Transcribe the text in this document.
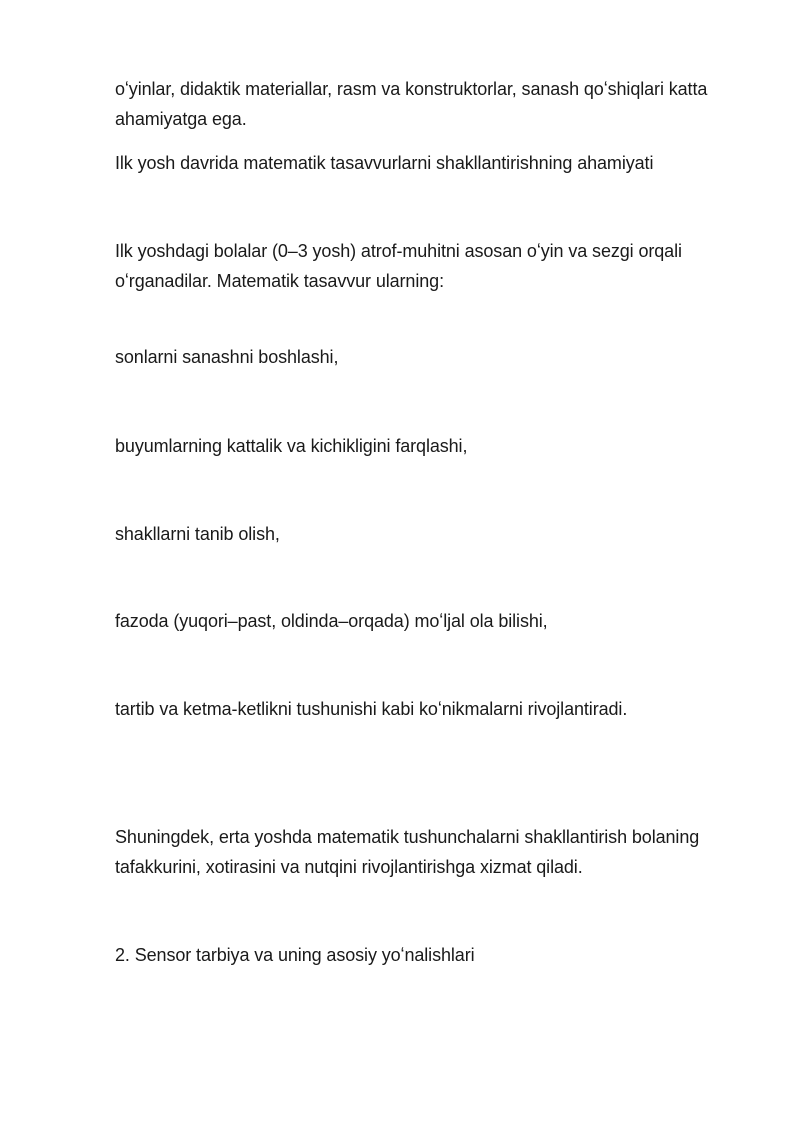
oʻyinlar, didaktik materiallar, rasm va konstruktorlar, sanash qoʻshiqlari katta ahamiyatga ega.

Ilk yosh davrida matematik tasavvurlarni shakllantirishning ahamiyati

Ilk yoshdagi bolalar (0–3 yosh) atrof-muhitni asosan oʻyin va sezgi orqali oʻrganadilar. Matematik tasavvur ularning:

sonlarni sanashni boshlashi,

buyumlarning kattalik va kichikligini farqlashi,

shakllarni tanib olish,

fazoda (yuqori–past, oldinda–orqada) moʻljal ola bilishi,

tartib va ketma-ketlikni tushunishi kabi koʻnikmalarni rivojlantiradi.

Shuningdek, erta yoshda matematik tushunchalarni shakllantirish bolaning tafakkurini, xotirasini va nutqini rivojlantirishga xizmat qiladi.

2. Sensor tarbiya va uning asosiy yoʻnalishlari
